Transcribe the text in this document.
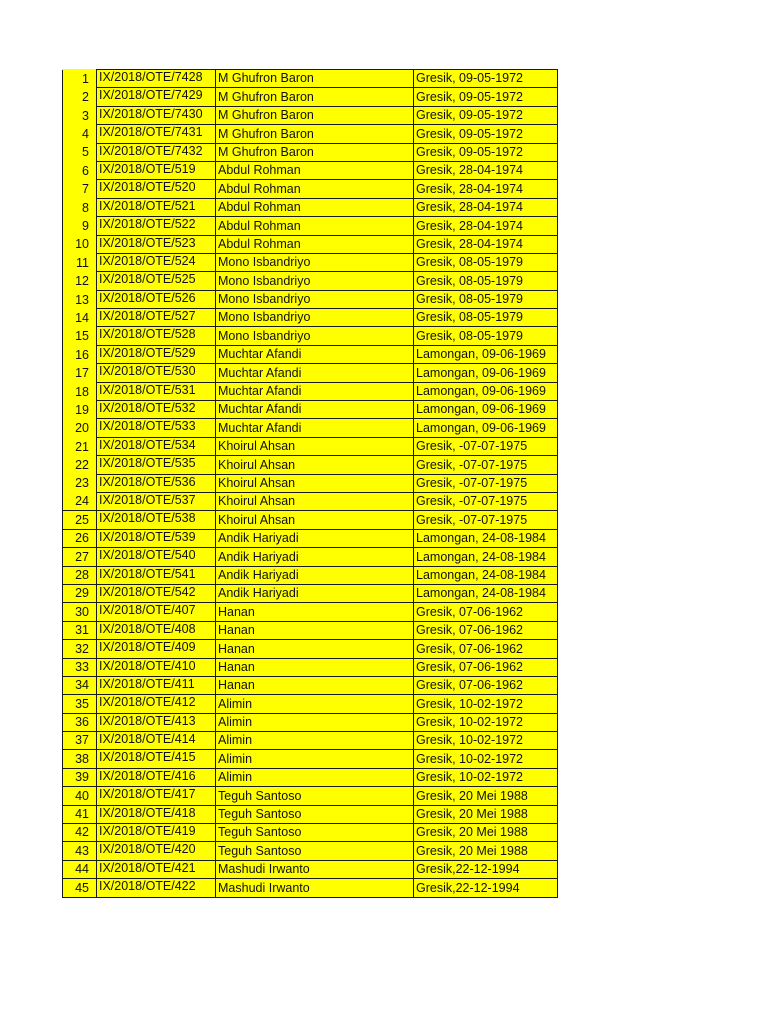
1	IX/2018/OTE/7428	M Ghufron Baron	Gresik, 09-05-1972
2	IX/2018/OTE/7429	M Ghufron Baron	Gresik, 09-05-1972
3	IX/2018/OTE/7430	M Ghufron Baron	Gresik, 09-05-1972
4	IX/2018/OTE/7431	M Ghufron Baron	Gresik, 09-05-1972
5	IX/2018/OTE/7432	M Ghufron Baron	Gresik, 09-05-1972
6	IX/2018/OTE/519	Abdul Rohman	Gresik, 28-04-1974
7	IX/2018/OTE/520	Abdul Rohman	Gresik, 28-04-1974
8	IX/2018/OTE/521	Abdul Rohman	Gresik, 28-04-1974
9	IX/2018/OTE/522	Abdul Rohman	Gresik, 28-04-1974
10	IX/2018/OTE/523	Abdul Rohman	Gresik, 28-04-1974
11	IX/2018/OTE/524	Mono Isbandriyo	Gresik, 08-05-1979
12	IX/2018/OTE/525	Mono Isbandriyo	Gresik, 08-05-1979
13	IX/2018/OTE/526	Mono Isbandriyo	Gresik, 08-05-1979
14	IX/2018/OTE/527	Mono Isbandriyo	Gresik, 08-05-1979
15	IX/2018/OTE/528	Mono Isbandriyo	Gresik, 08-05-1979
16	IX/2018/OTE/529	Muchtar Afandi	Lamongan, 09-06-1969
17	IX/2018/OTE/530	Muchtar Afandi	Lamongan, 09-06-1969
18	IX/2018/OTE/531	Muchtar Afandi	Lamongan, 09-06-1969
19	IX/2018/OTE/532	Muchtar Afandi	Lamongan, 09-06-1969
20	IX/2018/OTE/533	Muchtar Afandi	Lamongan, 09-06-1969
21	IX/2018/OTE/534	Khoirul Ahsan	Gresik, -07-07-1975
22	IX/2018/OTE/535	Khoirul Ahsan	Gresik, -07-07-1975
23	IX/2018/OTE/536	Khoirul Ahsan	Gresik, -07-07-1975
24	IX/2018/OTE/537	Khoirul Ahsan	Gresik, -07-07-1975
25	IX/2018/OTE/538	Khoirul Ahsan	Gresik, -07-07-1975
26	IX/2018/OTE/539	Andik Hariyadi	Lamongan, 24-08-1984
27	IX/2018/OTE/540	Andik Hariyadi	Lamongan, 24-08-1984
28	IX/2018/OTE/541	Andik Hariyadi	Lamongan, 24-08-1984
29	IX/2018/OTE/542	Andik Hariyadi	Lamongan, 24-08-1984
30	IX/2018/OTE/407	Hanan	Gresik, 07-06-1962
31	IX/2018/OTE/408	Hanan	Gresik, 07-06-1962
32	IX/2018/OTE/409	Hanan	Gresik, 07-06-1962
33	IX/2018/OTE/410	Hanan	Gresik, 07-06-1962
34	IX/2018/OTE/411	Hanan	Gresik, 07-06-1962
35	IX/2018/OTE/412	Alimin	Gresik, 10-02-1972
36	IX/2018/OTE/413	Alimin	Gresik, 10-02-1972
37	IX/2018/OTE/414	Alimin	Gresik, 10-02-1972
38	IX/2018/OTE/415	Alimin	Gresik, 10-02-1972
39	IX/2018/OTE/416	Alimin	Gresik, 10-02-1972
40	IX/2018/OTE/417	Teguh Santoso	Gresik, 20 Mei 1988
41	IX/2018/OTE/418	Teguh Santoso	Gresik, 20 Mei 1988
42	IX/2018/OTE/419	Teguh Santoso	Gresik, 20 Mei 1988
43	IX/2018/OTE/420	Teguh Santoso	Gresik, 20 Mei 1988
44	IX/2018/OTE/421	Mashudi Irwanto	Gresik,22-12-1994
45	IX/2018/OTE/422	Mashudi Irwanto	Gresik,22-12-1994
